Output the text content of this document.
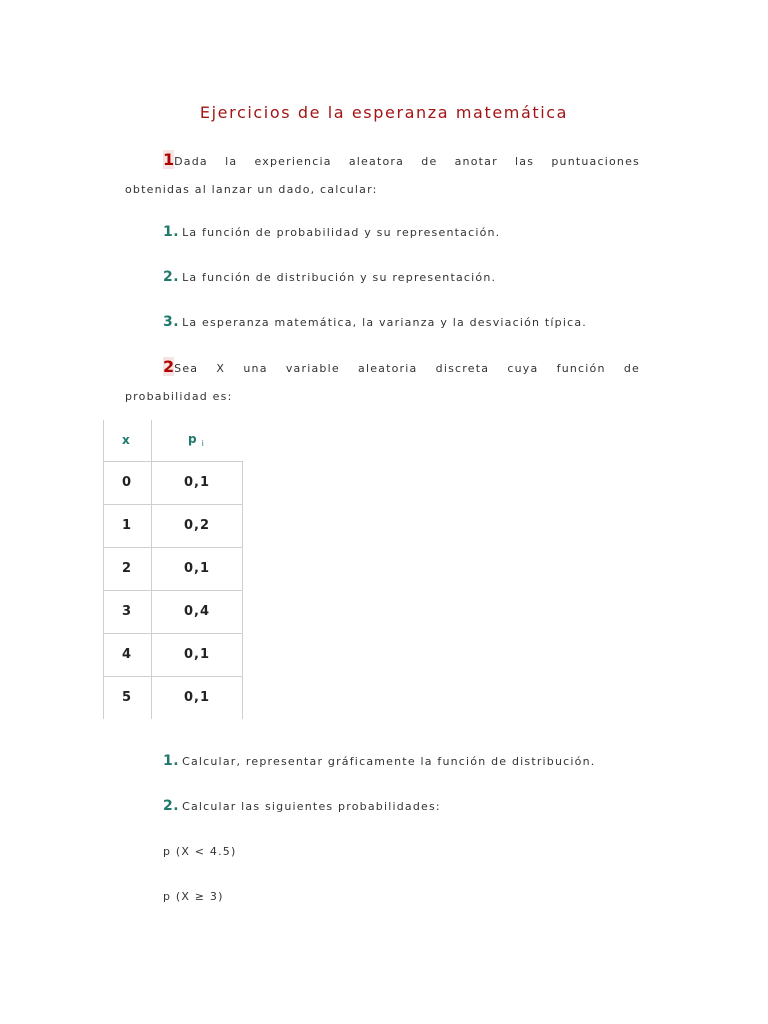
Ejercicios de la esperanza matemática
1Dada la experiencia aleatora de anotar las puntuaciones
obtenidas al lanzar un dado, calcular:
1. La función de probabilidad y su representación.
2. La función de distribución y su representación.
3. La esperanza matemática, la varianza y la desviación típica.
2Sea X una variable aleatoria discreta cuya función de
probabilidad es:
x	p $_i$
0	0,1
1	0,2
2	0,1
3	0,4
4	0,1
5	0,1
1. Calcular, representar gráficamente la función de distribución.
2. Calcular las siguientes probabilidades:
p (X < 4.5)
p (X ≥ 3)
